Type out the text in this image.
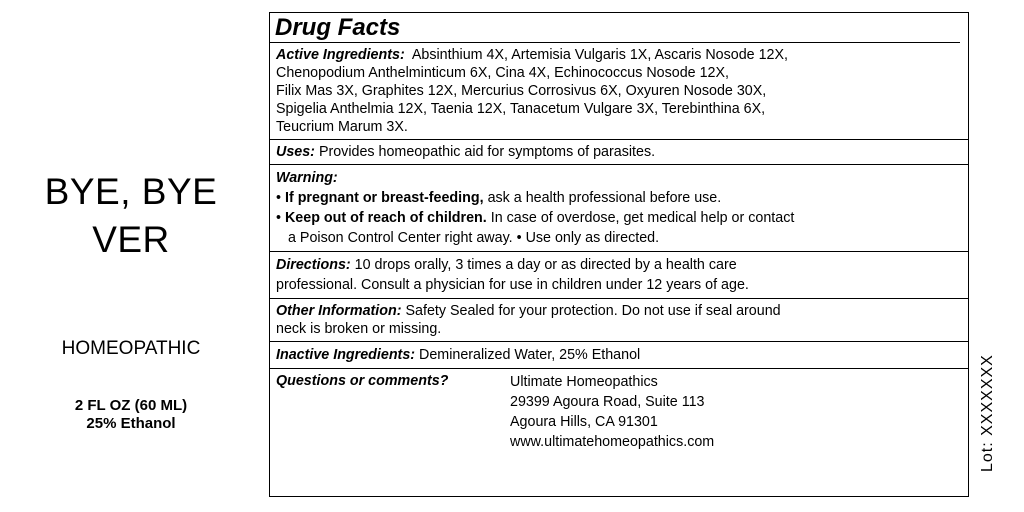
BYE, BYE
VER
HOMEOPATHIC
2 FL OZ (60 ML)
25% Ethanol
Drug Facts
Active Ingredients: Absinthium 4X, Artemisia Vulgaris 1X, Ascaris Nosode 12X,
Chenopodium Anthelminticum 6X, Cina 4X, Echinococcus Nosode 12X,
Filix Mas 3X, Graphites 12X, Mercurius Corrosivus 6X, Oxyuren Nosode 30X,
Spigelia Anthelmia 12X, Taenia 12X, Tanacetum Vulgare 3X, Terebinthina 6X,
Teucrium Marum 3X.
Uses: Provides homeopathic aid for symptoms of parasites.
Warning:
• If pregnant or breast-feeding, ask a health professional before use.
• Keep out of reach of children. In case of overdose, get medical help or contact
a Poison Control Center right away. • Use only as directed.
Directions: 10 drops orally, 3 times a day or as directed by a health care
professional. Consult a physician for use in children under 12 years of age.
Other Information: Safety Sealed for your protection. Do not use if seal around
neck is broken or missing.
Inactive Ingredients: Demineralized Water, 25% Ethanol
Questions or comments?	Ultimate Homeopathics
29399 Agoura Road, Suite 113
Agoura Hills, CA 91301
www.ultimatehomeopathics.com	Lot: XXXXXXX
